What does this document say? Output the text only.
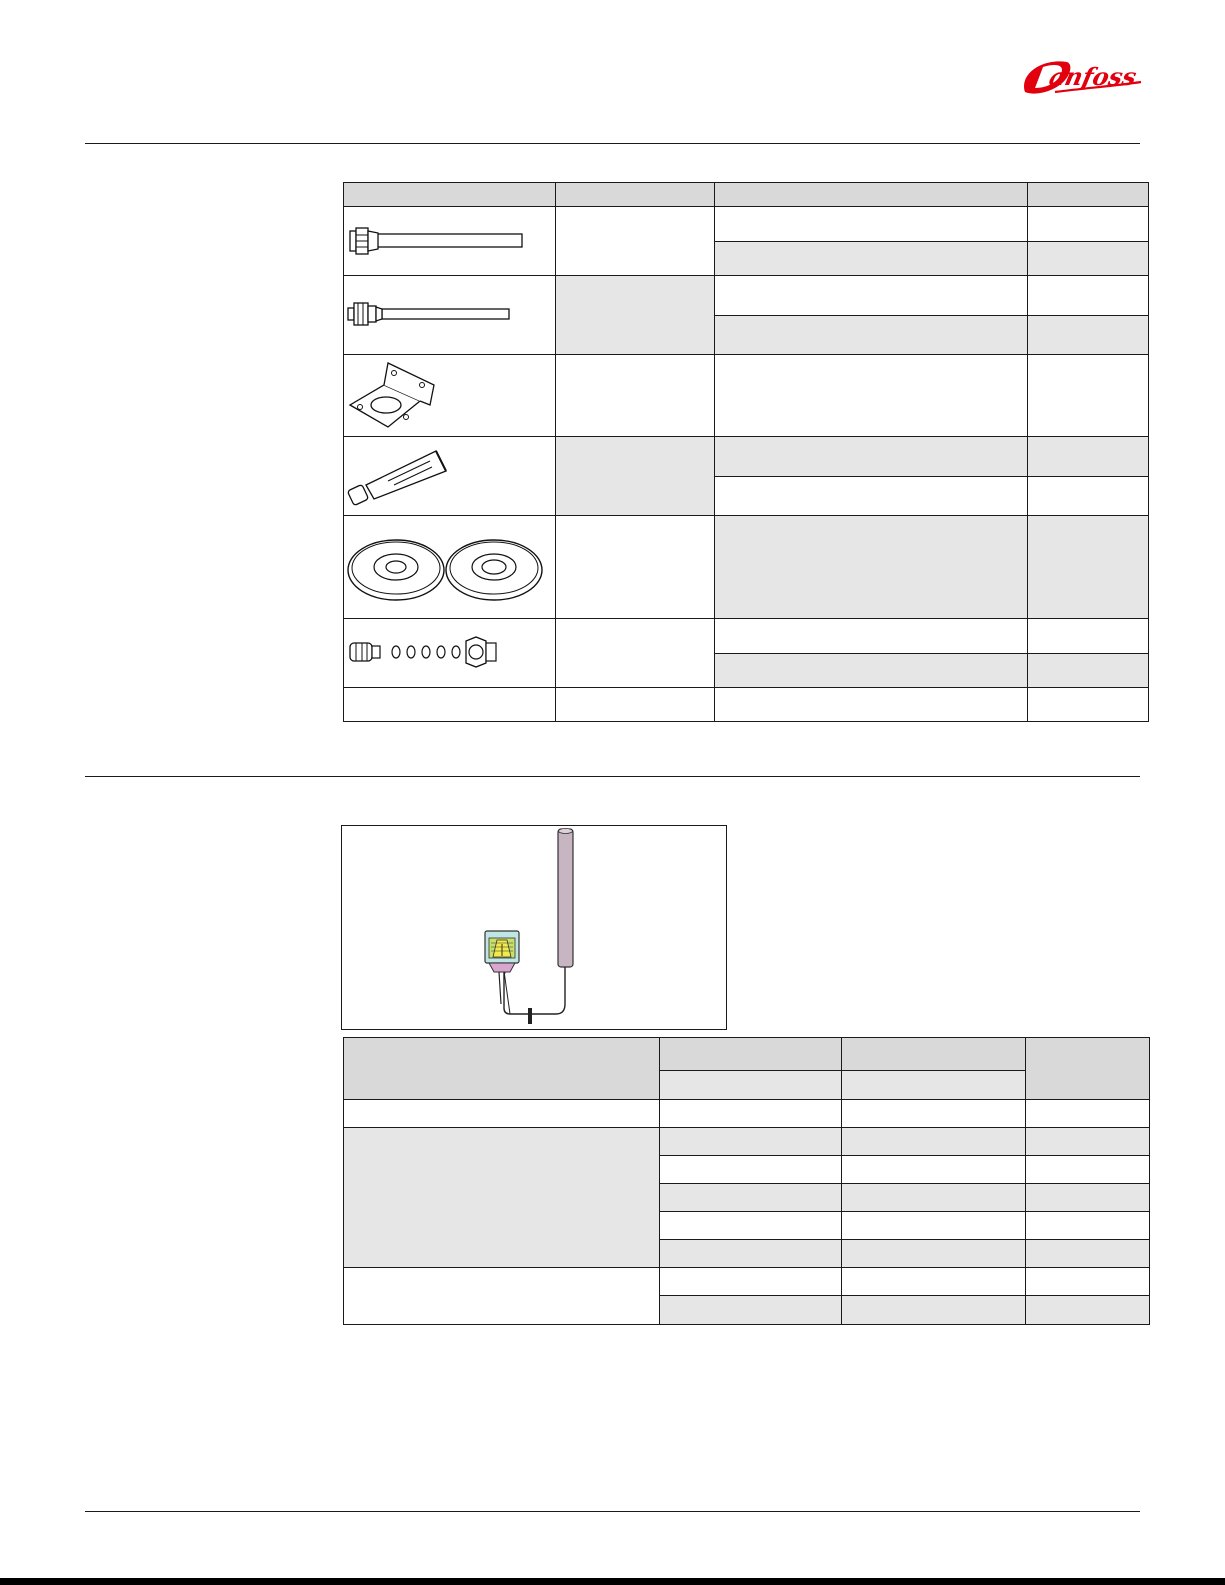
anfoss
